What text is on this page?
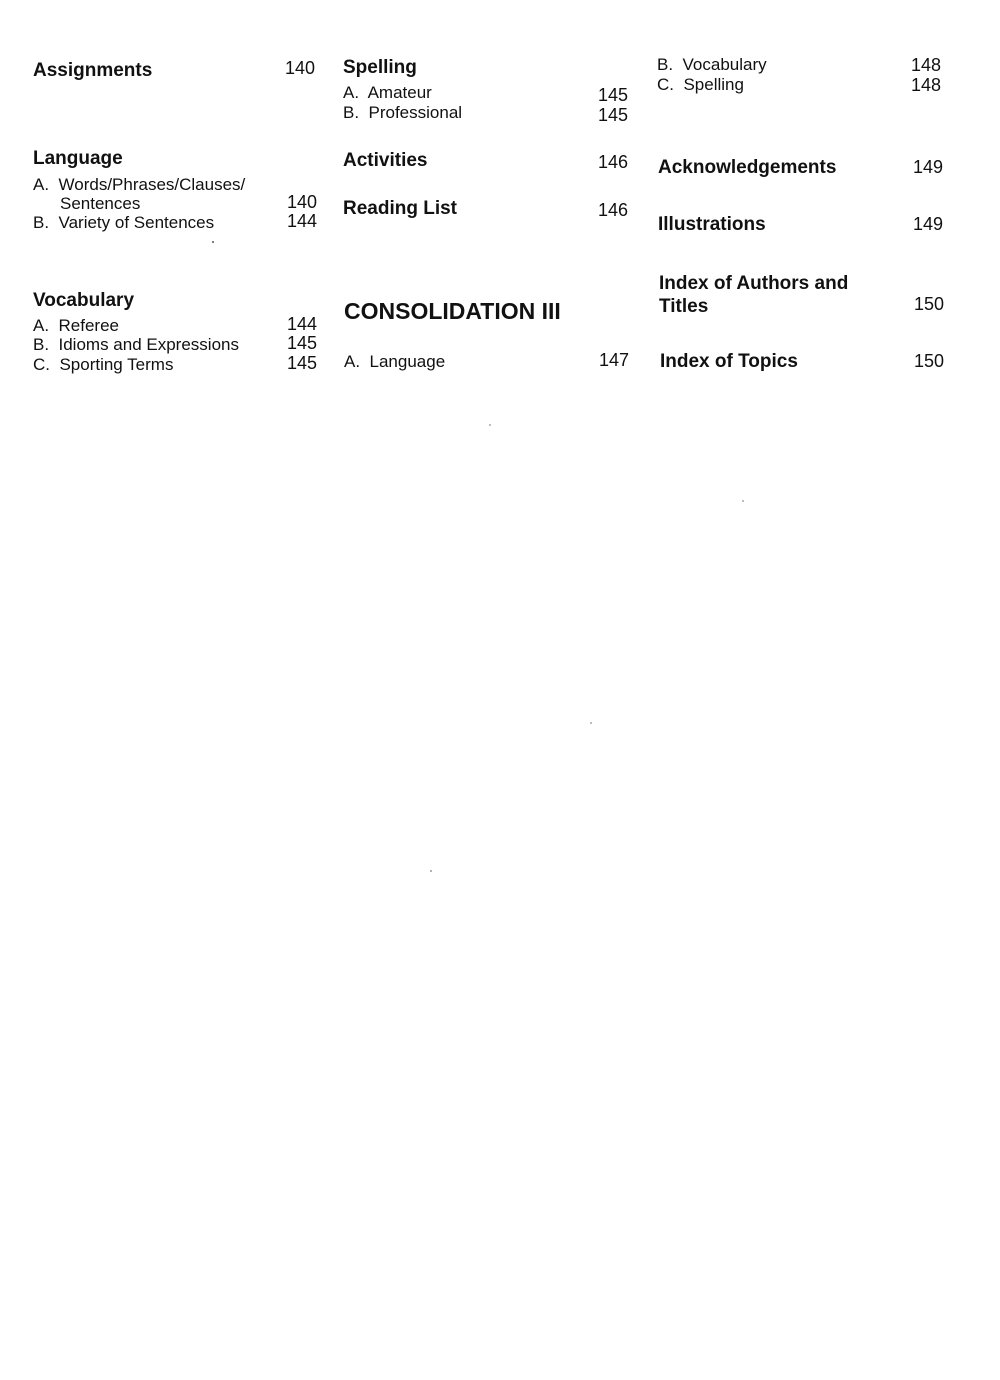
Assignments	140
Language
A.  Words/Phrases/Clauses/
Sentences	140
B.  Variety of Sentences	144
Vocabulary
A.  Referee	144
B.  Idioms and Expressions	145
C.  Sporting Terms	145
Spelling
A.  Amateur	145
B.  Professional	145
Activities	146
Reading List	146
CONSOLIDATION III
A.  Language	147
B.  Vocabulary	148
C.  Spelling	148
Acknowledgements	149
Illustrations	149
Index of Authors and
Titles	150
Index of Topics	150
